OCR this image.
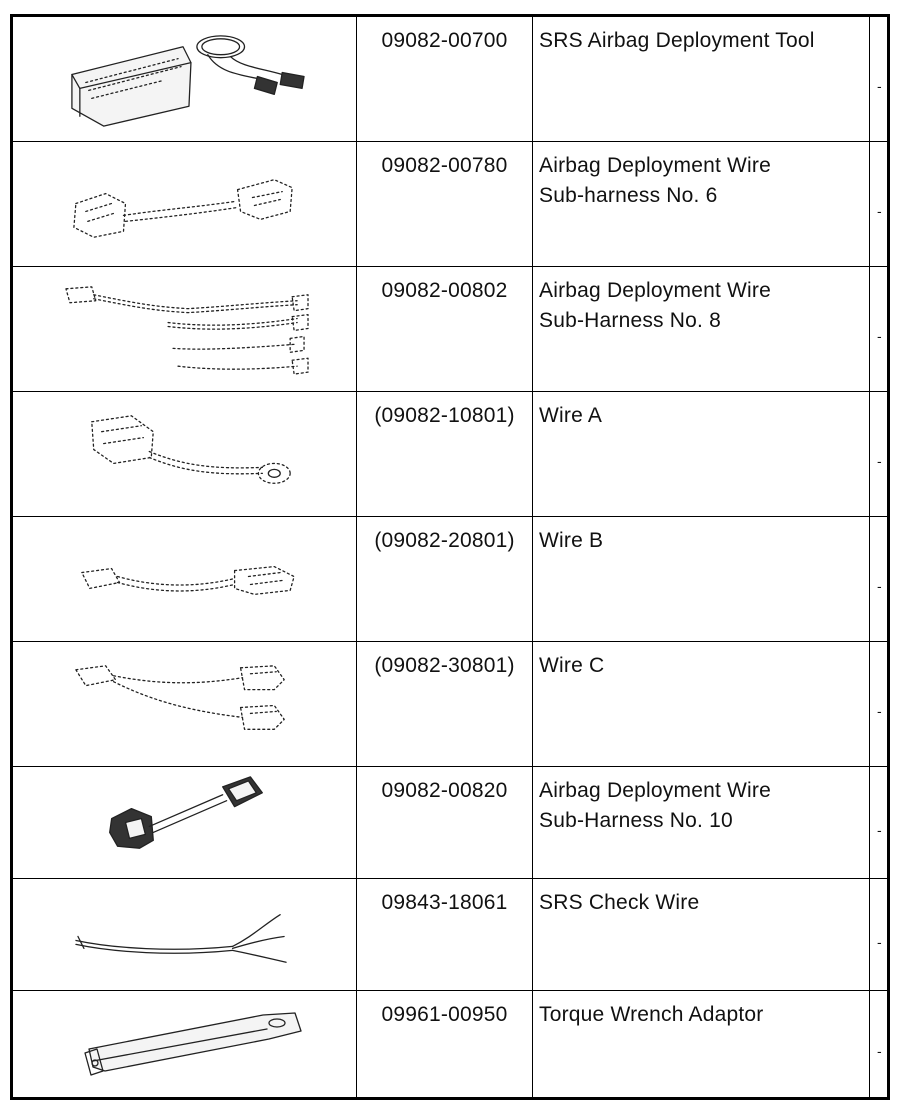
09082-00700	SRS Airbag Deployment Tool
-
09082-00780	Airbag Deployment Wire
Sub-harness No. 6
-
09082-00802	Airbag Deployment Wire
Sub-Harness No. 8
-
(09082-10801)	Wire A
-
(09082-20801)	Wire B
-
(09082-30801)	Wire C
-
09082-00820	Airbag Deployment Wire
Sub-Harness No. 10	-
09843-18061	SRS Check Wire
-
09961-00950	Torque Wrench Adaptor
-
